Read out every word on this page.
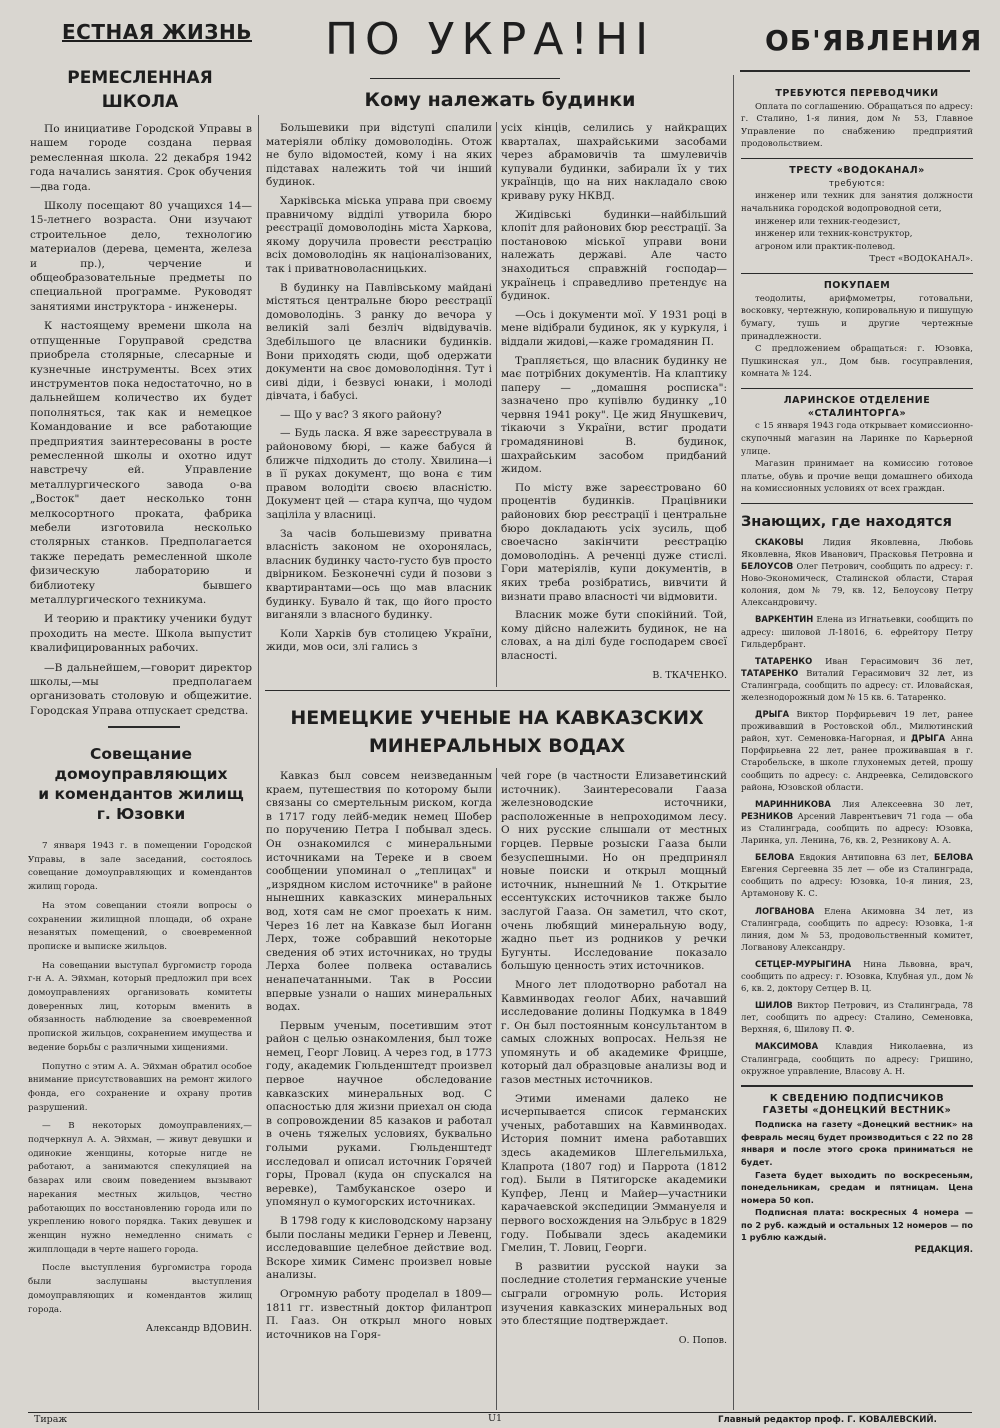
ЕСТНАЯ ЖИЗНЬ ПО УКРА!НІ	ОБ'ЯВЛЕНИЯ
РЕМЕСЛЕННАЯ
ШКОЛА

По инициативе Городской Управы в нашем городе создана первая ремесленная школа. 22 декабря 1942 года начались занятия. Срок обучения—два года.

Школу посещают 80 учащихся 14—15-летнего возраста. Они изучают строительное дело, технологию материалов (дерева, цемента, железа и пр.), черчение и общеобразовательные предметы по специальной программе. Руководят занятиями инструктора - инженеры.

К настоящему времени школа на отпущенные Горуправой средства приобрела столярные, слесарные и кузнечные инструменты. Всех этих инструментов пока недостаточно, но в дальнейшем количество их будет пополняться, так как и немецкое Командование и все работающие предприятия заинтересованы в росте ремесленной школы и охотно идут навстречу ей. Управление металлургического завода о-ва „Восток" дает несколько тонн мелкосортного проката, фабрика мебели изготовила несколько столярных станков. Предполагается также передать ремесленной школе физическую лабораторию и библиотеку бывшего металлургического техникума.

И теорию и практику ученики будут проходить на месте. Школа выпустит квалифицированных рабочих.

—В дальнейшем,—говорит директор школы,—мы предполагаем организовать столовую и общежитие. Городская Управа отпускает средства.

Совещание
домоуправляющих
и комендантов жилищ
г. Юзовки

7 января 1943 г. в помещении Городской Управы, в зале заседаний, состоялось совещание домоуправляющих и комендантов жилищ города.

На этом совещании стояли вопросы о сохранении жилищной площади, об охране незанятых помещений, о своевременной прописке и выписке жильцов.

На совещании выступал бургомистр города г-н А. А. Эйхман, который предложил при всех домоуправлениях организовать комитеты доверенных лиц, которым вменить в обязанность наблюдение за своевременной пропиской жильцов, сохранением имущества и ведение борьбы с различными хищениями.

Попутно с этим А. А. Эйхман обратил особое внимание присутствовавших на ремонт жилого фонда, его сохранение и охрану против разрушений.

— В некоторых домоуправлениях,— подчеркнул А. А. Эйхман, — живут девушки и одинокие женщины, которые нигде не работают, а занимаются спекуляцией на базарах или своим поведением вызывают нарекания местных жильцов, честно работающих по восстановлению города или по укреплению нового порядка. Таких девушек и женщин нужно немедленно снимать с жилплощади в черте нашего города.

После выступления бургомистра города были заслушаны выступления домоуправляющих и комендантов жилищ города.

Александр ВДОВИН.
Кому належать будинки

Большевики при відступі спалили матеріяли обліку домоволодінь. Отож не було відомостей, кому і на яких підставах належить той чи інший будинок.

Харківська міська управа при своєму правничому відділі утворила бюро реєстрації домоволодінь міста Харкова, якому доручила провести реєстрацію всіх домоволодінь як націоналізованих, так і приватноволасницьких.

В будинку на Павлівському майдані містяться центральне бюро реєстрації домоволодінь. З ранку до вечора у великій залі безліч відвідувачів. Здебільшого це власники будинків. Вони приходять сюди, щоб одержати документи на своє домоволодіння. Тут і сиві діди, і безвусі юнаки, і молоді дівчата, і бабусі.

— Що у вас? З якого району?

— Будь ласка. Я вже зареєструвала в районовому бюрі, — каже бабуся й ближче підходить до столу. Хвилина—і в її руках документ, що вона є тим правом володіти своєю власністю. Документ цей — стара купча, що чудом заціліла у власниці.

За часів большевизму приватна власність законом не охоронялась, власник будинку часто-густо був просто двірником. Безконечні суди й позови з квартирантами—ось що мав власник будинку. Бувало й так, що його просто виганяли з власного будинку.

Коли Харків був столицею України, жиди, мов оси, злі гались з

усіх кінців, селились у найкращих кварталах, шахрайськими засобами через абрамовичів та шмулевичів купували будинки, забирали їх у тих українців, що на них накладало свою криваву руку НКВД.

Жидівські будинки—найбільший клопіт для районових бюр реєстрації. За постановою міської управи вони належать державі. Але часто знаходиться справжній господар—українець і справедливо претендує на будинок.

—Ось і документи мої. У 1931 році в мене відібрали будинок, як у куркуля, і віддали жидові,—каже громадянин П.

Трапляється, що власник будинку не має потрібних документів. На клаптику паперу — „домашня росписка": зазначено про купівлю будинку „10 червня 1941 року". Це жид Янушкевич, тікаючи з України, встиг продати громадянинові В. будинок, шахрайським засобом придбаний жидом.

По місту вже зареєстровано 60 процентів будинків. Працівники районових бюр реєстрації і центральне бюро докладають усіх зусиль, щоб своечасно закінчити реєстрацію домоволодінь. А реченці дуже стислі. Гори матеріялів, купи документів, в яких треба розібратись, вивчити й визнати право власності чи відмовити.

Власник може бути спокійний. Той, кому дійсно належить будинок, не на словах, а на ділі буде господарем своєї власності.

В. ТКАЧЕНКО.
НЕМЕЦКИЕ УЧЕНЫЕ НА КАВКАЗСКИХ
МИНЕРАЛЬНЫХ ВОДАХ

Кавказ был совсем неизведанным краем, путешествия по которому были связаны со смертельным риском, когда в 1717 году лейб-медик немец Шобер по поручению Петра I побывал здесь. Он ознакомился с минеральными источниками на Тереке и в своем сообщении упоминал о „теплицах" и „изрядном кислом источнике" в районе нынешних кавказских минеральных вод, хотя сам не смог проехать к ним. Через 16 лет на Кавказе был Иоганн Лерх, тоже собравший некоторые сведения об этих источниках, но труды Лерха более полвека оставались ненапечатанными. Так в России впервые узнали о наших минеральных водах.

Первым ученым, посетившим этот район с целью ознакомления, был тоже немец, Георг Ловиц. А через год, в 1773 году, академик Гюльденштедт произвел первое научное обследование кавказских минеральных вод. С опасностью для жизни приехал он сюда в сопровождении 85 казаков и работал в очень тяжелых условиях, буквально голыми руками. Гюльденштедт исследовал и описал источник Горячей горы, Провал (куда он спускался на веревке), Тамбуканское озеро и упомянул о кумогорских источниках.

В 1798 году к кисловодскому нарзану были посланы медики Гернер и Левенц, исследовавшие целебное действие вод. Вскоре химик Сименс произвел новые анализы.

Огромную работу проделал в 1809—1811 гг. известный доктор филантроп П. Гааз. Он открыл много новых источников на Горя-

чей горе (в частности Елизаветинский источник). Заинтересовали Гааза железноводские источники, расположенные в непроходимом лесу. О них русские слышали от местных горцев. Первые розыски Гааза были безуспешными. Но он предпринял новые поиски и открыл мощный источник, нынешний № 1. Открытие ессентукских источников также было заслугой Гааза. Он заметил, что скот, очень любящий минеральную воду, жадно пьет из родников у речки Бугунты. Исследование показало большую ценность этих источников.

Много лет плодотворно работал на Кавминводах геолог Абих, начавший исследование долины Подкумка в 1849 г. Он был постоянным консультантом в самых сложных вопросах. Нельзя не упомянуть и об академике Фрицше, который дал образцовые анализы вод и газов местных источников.

Этими именами далеко не исчерпывается список германских ученых, работавших на Кавминводах. История помнит имена работавших здесь академиков Шлегельмильха, Клапрота (1807 год) и Паррота (1812 год). Были в Пятигорске академики Купфер, Ленц и Майер—участники карачаевской экспедиции Эммануеля и первого восхождения на Эльбрус в 1829 году. Побывали здесь академики Гмелин, Т. Ловиц, Георги.

В развитии русской науки за последние столетия германские ученые сыграли огромную роль. История изучения кавказских минеральных вод это блестящие подтверждает.

О. Попов.
ТРЕБУЮТСЯ ПЕРЕВОДЧИКИ
Оплата по соглашению. Обращаться по адресу: г. Сталино, 1-я линия, дом № 53, Главное Управление по снабжению предприятий продовольствием.
ТРЕСТУ «ВОДОКАНАЛ»
требуются:
инженер или техник для занятия должности начальника городской водопроводной сети,
инженер или техник-геодезист,
инженер или техник-конструктор,
агроном или практик-полевод.
Трест «ВОДОКАНАЛ».
ПОКУПАЕМ
теодолиты, арифмометры, готовальни, восковку, чертежную, копировальную и пишущую бумагу, тушь и другие чертежные принадлежности.
С предложением обращаться: г. Юзовка, Пушкинская ул., Дом быв. госуправления, комната № 124.
ЛАРИНСКОЕ ОТДЕЛЕНИЕ
«СТАЛИНТОРГА»
с 15 января 1943 года открывает комиссионно-скупочный магазин на Ларинке по Карьерной улице.
Магазин принимает на комиссию готовое платье, обувь и прочие вещи домашнего обихода на комиссионных условиях от всех граждан.
Знающих, где находятся

СКАКОВЫ Лидия Яковлевна, Любовь Яковлевна, Яков Иванович, Прасковья Петровна и БЕЛОУСОВ Олег Петрович, сообщить по адресу: г. Ново-Экономическ, Сталинской области, Старая колония, дом № 79, кв. 12, Белоусову Петру Александровичу.

ВАРКЕНТИН Елена из Игнатьевки, сообщить по адресу: шиловой Л-18016, 6. ефрейтору Петру Гильдербрант.

ТАТАРЕНКО Иван Герасимович 36 лет, ТАТАРЕНКО Виталий Герасимович 32 лет, из Сталинграда, сообщить по адресу: ст. Иловайская, железнодорожный дом № 15 кв. 6. Татаренко.

ДРЫГА Виктор Порфирьевич 19 лет, ранее проживавший в Ростовской обл., Милютинский район, хут. Семеновка-Нагорная, и ДРЫГА Анна Порфирьевна 22 лет, ранее проживавшая в г. Старобельске, в школе глухонемых детей, прошу сообщить по адресу: с. Андреевка, Селидовского района, Юзовской области.

МАРИННИКОВА Лия Алексеевна 30 лет, РЕЗНИКОВ Арсений Лаврентьевич 71 года — оба из Сталинграда, сообщить по адресу: Юзовка, Ларинка, ул. Ленина, 76, кв. 2, Резникову А. А.

БЕЛОВА Евдокия Антиповна 63 лет, БЕЛОВА Евгения Сергеевна 35 лет — обе из Сталинграда, сообщить по адресу: Юзовка, 10-я линия, 23, Артамоновy К. С.

ЛОГВАНОВА Елена Акимовна 34 лет, из Сталинграда, сообщить по адресу: Юзовка, 1-я линия, дом № 53, продовольственный комитет, Логванову Александру.

СЕТЦЕР-МУРЫГИНА Нина Львовна, врач, сообщить по адресу: г. Юзовка, Клубная ул., дом № 6, кв. 2, доктору Сетцер В. Ц.

ШИЛОВ Виктор Петрович, из Сталинграда, 78 лет, сообщить по адресу: Сталино, Семеновка, Верхняя, 6, Шилову П. Ф.

МАКСИМОВА Клавдия Николаевна, из Сталинграда, сообщить по адресу: Гришино, окружное управление, Власову А. Н.

К СВЕДЕНИЮ ПОДПИСЧИКОВ
ГАЗЕТЫ «ДОНЕЦКИЙ ВЕСТНИК»
Подписка на газету «Донецкий вестник» на февраль месяц будет производиться с 22 по 28 января и после этого срока приниматься не будет.
Газета будет выходить по воскресеньям, понедельникам, средам и пятницам. Цена номера 50 коп.
Подписная плата: воскресных 4 номера — по 2 руб. каждый и остальных 12 номеров — по 1 рублю каждый.
РЕДАКЦИЯ.
Тираж	U1	Главный редактор проф. Г. КОВАЛЕВСКИЙ.
